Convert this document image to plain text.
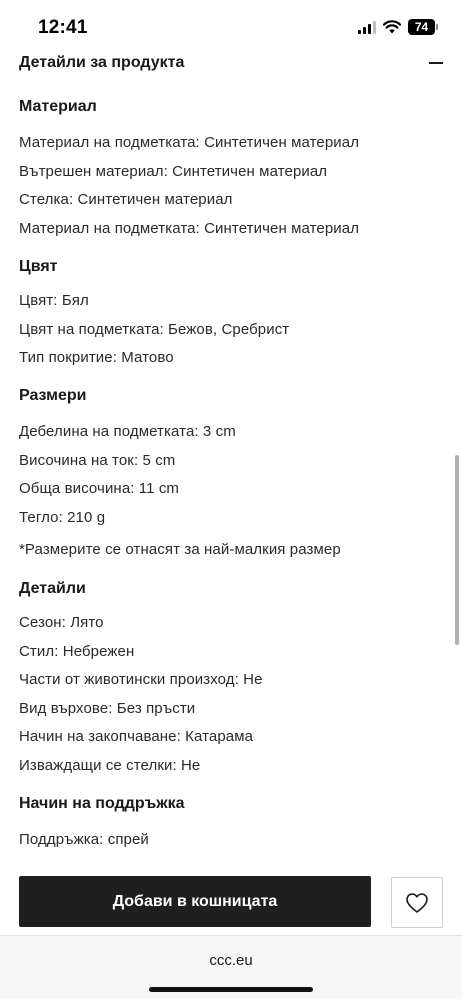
12:41	74
Детайли за продукта
Материал
Материал на подметката: Синтетичен материал
Вътрешен материал: Синтетичен материал
Стелка: Синтетичен материал
Материал на подметката: Синтетичен материал
Цвят
Цвят: Бял
Цвят на подметката: Бежов, Сребрист
Тип покритие: Матово
Размери
Дебелина на подметката: 3 cm
Височина на ток: 5 cm
Обща височина: 11 cm
Тегло: 210 g
*Размерите се отнасят за най-малкия размер
Детайли
Сезон: Лято
Стил: Небрежен
Части от животински произход: Не
Вид върхове: Без пръсти
Начин на закопчаване: Катарама
Изваждащи се стелки: Не
Начин на поддръжка
Поддръжка: спрей
Добави в кошницата
ccc.eu
